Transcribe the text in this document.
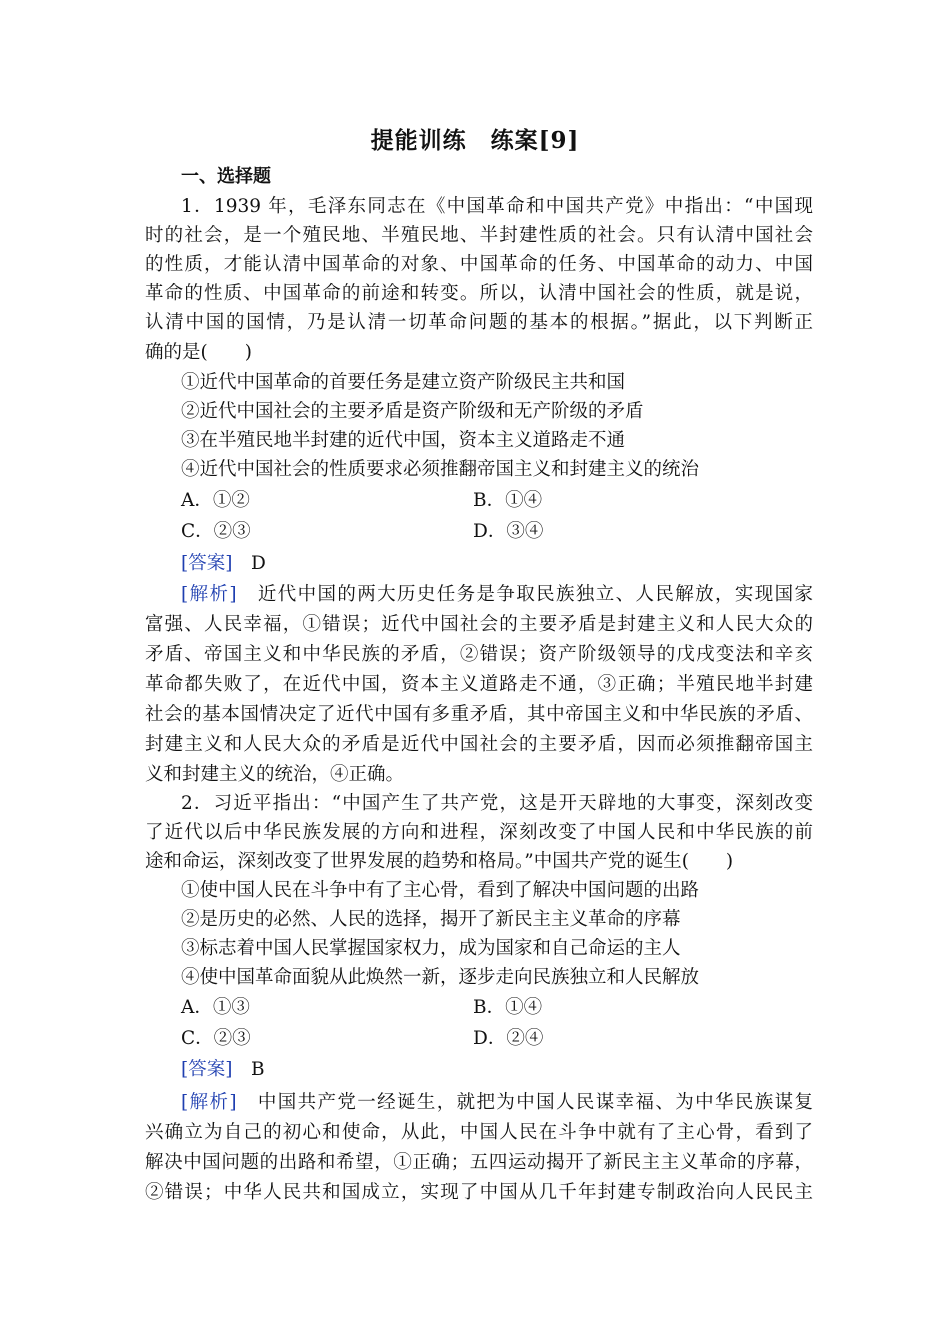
提能训练　练案[9]
一、选择题
1．1939 年，毛泽东同志在《中国革命和中国共产党》中指出：“中国现
时的社会，是一个殖民地、半殖民地、半封建性质的社会。只有认清中国社会
的性质，才能认清中国革命的对象、中国革命的任务、中国革命的动力、中国
革命的性质、中国革命的前途和转变。所以，认清中国社会的性质，就是说，
认清中国的国情，乃是认清一切革命问题的基本的根据。”据此，以下判断正
确的是(　　)
①近代中国革命的首要任务是建立资产阶级民主共和国
②近代中国社会的主要矛盾是资产阶级和无产阶级的矛盾
③在半殖民地半封建的近代中国，资本主义道路走不通
④近代中国社会的性质要求必须推翻帝国主义和封建主义的统治
A．①②	B．①④
C．②③	D．③④
[答案]　 D
[解析]　 近代中国的两大历史任务是争取民族独立、人民解放，实现国家
富强、人民幸福，①错误；近代中国社会的主要矛盾是封建主义和人民大众的
矛盾、帝国主义和中华民族的矛盾，②错误；资产阶级领导的戊戌变法和辛亥
革命都失败了，在近代中国，资本主义道路走不通，③正确；半殖民地半封建
社会的基本国情决定了近代中国有多重矛盾，其中帝国主义和中华民族的矛盾、
封建主义和人民大众的矛盾是近代中国社会的主要矛盾，因而必须推翻帝国主
义和封建主义的统治，④正确。
2．习近平指出：“中国产生了共产党，这是开天辟地的大事变，深刻改变
了近代以后中华民族发展的方向和进程，深刻改变了中国人民和中华民族的前
途和命运，深刻改变了世界发展的趋势和格局。”中国共产党的诞生(　　)
①使中国人民在斗争中有了主心骨，看到了解决中国问题的出路
②是历史的必然、人民的选择，揭开了新民主主义革命的序幕
③标志着中国人民掌握国家权力，成为国家和自己命运的主人
④使中国革命面貌从此焕然一新，逐步走向民族独立和人民解放
A．①③	B．①④
C．②③	D．②④
[答案]　 B
[解析]　 中国共产党一经诞生，就把为中国人民谋幸福、为中华民族谋复
兴确立为自己的初心和使命，从此，中国人民在斗争中就有了主心骨，看到了
解决中国问题的出路和希望，①正确；五四运动揭开了新民主主义革命的序幕，
②错误；中华人民共和国成立，实现了中国从几千年封建专制政治向人民民主
